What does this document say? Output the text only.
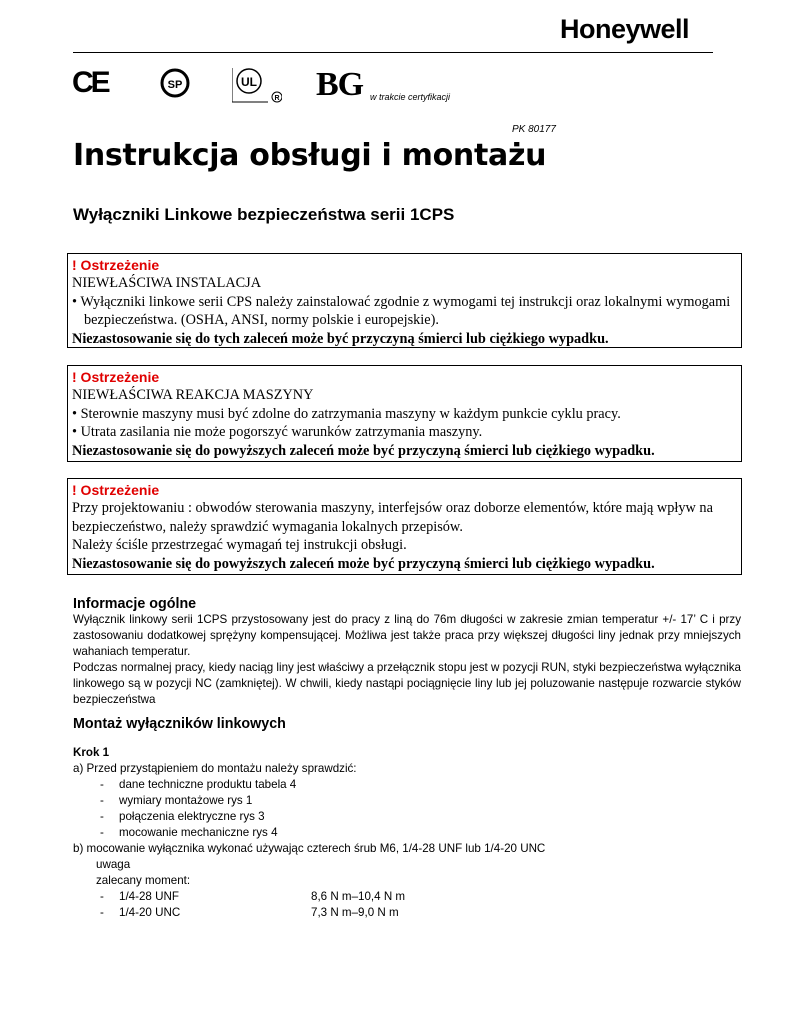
Honeywell
CE	SP	UL
R BG w trakcie certyfikacji
PK 80177
Instrukcja obsługi i montażu
Wyłączniki Linkowe bezpieczeństwa serii 1CPS
! Ostrzeżenie
NIEWŁAŚCIWA INSTALACJA
• Wyłączniki linkowe serii CPS należy zainstalować zgodnie z wymogami tej instrukcji oraz lokalnymi wymogami bezpieczeństwa. (OSHA, ANSI, normy polskie i europejskie).
Niezastosowanie się do tych zaleceń może być przyczyną śmierci lub ciężkiego wypadku.
! Ostrzeżenie
NIEWŁAŚCIWA REAKCJA MASZYNY
• Sterownie maszyny musi być zdolne do zatrzymania maszyny w każdym punkcie cyklu pracy.
• Utrata zasilania nie może pogorszyć warunków zatrzymania maszyny.
Niezastosowanie się do powyższych zaleceń może być przyczyną śmierci lub ciężkiego wypadku.
! Ostrzeżenie
Przy projektowaniu : obwodów sterowania maszyny, interfejsów oraz doborze elementów, które mają wpływ na bezpieczeństwo, należy sprawdzić wymagania lokalnych przepisów.
Należy ściśle przestrzegać wymagań tej instrukcji obsługi.
Niezastosowanie się do powyższych zaleceń może być przyczyną śmierci lub ciężkiego wypadku.
Informacje ogólne
Wyłącznik linkowy serii 1CPS przystosowany jest do pracy z liną do 76m długości w zakresie zmian temperatur +/- 17’ C i przy zastosowaniu dodatkowej sprężyny kompensującej. Możliwa jest także praca przy większej długości liny jednak przy mniejszych wahaniach temperatur.
Podczas normalnej pracy, kiedy naciąg liny jest właściwy a przełącznik stopu jest w pozycji RUN, styki bezpieczeństwa wyłącznika linkowego są w pozycji NC (zamkniętej). W chwili, kiedy nastąpi pociągnięcie liny lub jej poluzowanie następuje rozwarcie styków bezpieczeństwa
Montaż wyłączników linkowych
Krok 1
a) Przed przystąpieniem do montażu należy sprawdzić:
- dane techniczne produktu tabela 4
- wymiary montażowe rys 1
- połączenia elektryczne rys 3
- mocowanie mechaniczne rys 4
b) mocowanie wyłącznika wykonać używając czterech śrub M6, 1/4-28 UNF lub 1/4-20 UNC
uwaga
zalecany moment:
- 1/4-28 UNF	8,6 N m–10,4 N m
- 1/4-20 UNC	7,3 N m–9,0 N m
